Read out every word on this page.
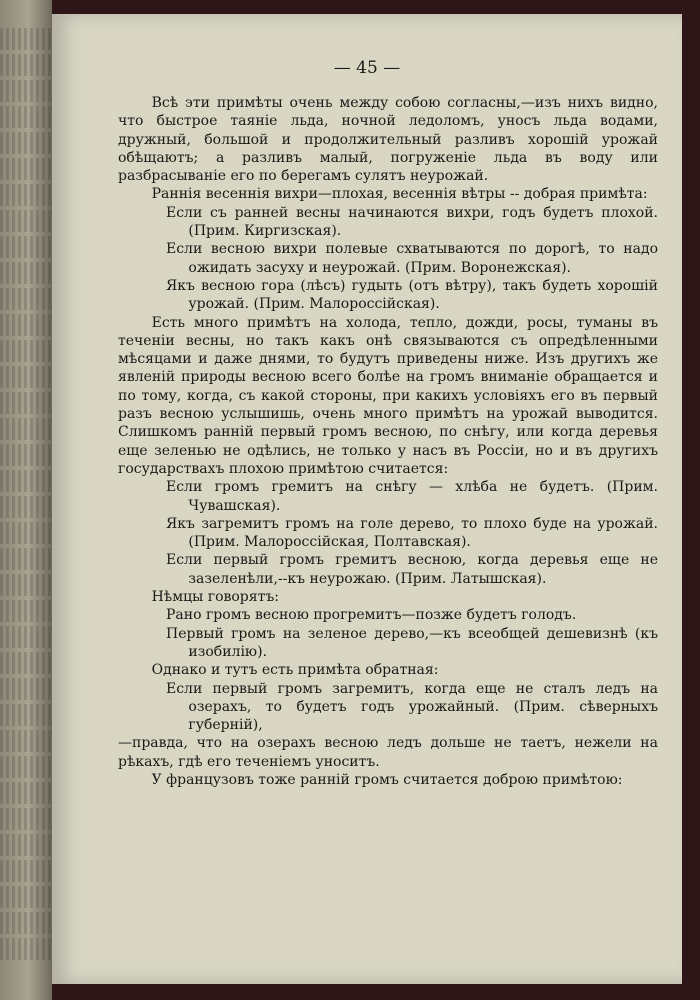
— 45 —

Всѣ эти примѣты очень между собою согласны,—изъ нихъ видно, что быстрое таяніе льда, ночной ледоломъ, уносъ льда водами, дружный, большой и продолжительный разливъ хорошій урожай обѣщаютъ; а разливъ малый, погруженіе льда въ воду или разбрасываніе его по берегамъ сулятъ неурожай.

Раннія весеннія вихри—плохая, весеннія вѣтры -- добрая примѣта:

Если съ ранней весны начинаются вихри, годъ будетъ плохой. (Прим. Киргизская).

Если весною вихри полевые схватываются по дорогѣ, то надо ожидать засуху и неурожай. (Прим. Воронежская).

Якъ весною гора (лѣсъ) гудыть (отъ вѣтру), такъ будеть хорошій урожай. (Прим. Малороссійская).

Есть много примѣтъ на холода, тепло, дожди, росы, туманы въ теченіи весны, но такъ какъ онѣ связываются съ опредѣленными мѣсяцами и даже днями, то будутъ приведены ниже. Изъ другихъ же явленій природы весною всего болѣе на громъ вниманіе обращается и по тому, когда, съ какой стороны, при какихъ условіяхъ его въ первый разъ весною услышишь, очень много примѣтъ на урожай выводится. Слишкомъ ранній первый громъ весною, по снѣгу, или когда деревья еще зеленью не одѣлись, не только у насъ въ Россіи, но и въ другихъ государствахъ плохою примѣтою считается:

Если громъ гремитъ на снѣгу — хлѣба не будетъ. (Прим. Чувашская).

Якъ загремитъ громъ на голе дерево, то плохо буде на урожай. (Прим. Малороссійская, Полтавская).

Если первый громъ гремитъ весною, когда деревья еще не зазеленѣли,--къ неурожаю. (Прим. Латышская).

Нѣмцы говорятъ:

Рано громъ весною прогремитъ—позже будетъ голодъ.

Первый громъ на зеленое дерево,—къ всеобщей дешевизнѣ (къ изобилію).

Однако и тутъ есть примѣта обратная:

Если первый громъ загремитъ, когда еще не сталъ ледъ на озерахъ, то будетъ годъ урожайный. (Прим. сѣверныхъ губерній),

—правда, что на озерахъ весною ледъ дольше не таетъ, нежели на рѣкахъ, гдѣ его теченіемъ уноситъ.

У французовъ тоже ранній громъ считается доброю примѣтою:
